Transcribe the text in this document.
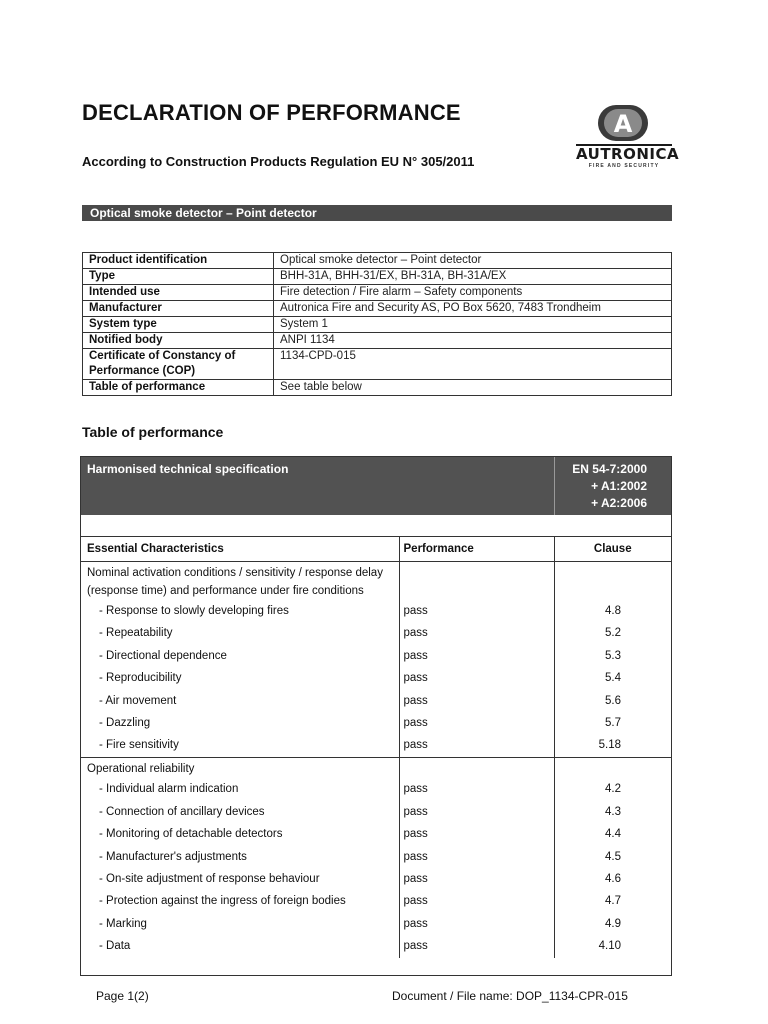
DECLARATION OF PERFORMANCE
According to Construction Products Regulation EU N° 305/2011
A
AUTRONICA
FIRE AND SECURITY
Optical smoke detector – Point detector
Product identification	Optical smoke detector – Point detector
Type	BHH-31A, BHH-31/EX, BH-31A, BH-31A/EX
Intended use	Fire detection / Fire alarm – Safety components
Manufacturer	Autronica Fire and Security AS, PO Box 5620, 7483 Trondheim
System type	System 1
Notified body	ANPI 1134
Certificate of Constancy of Performance (COP)	1134-CPD-015
Table of performance	See table below
Table of performance
Harmonised technical specification	EN 54-7:2000
+ A1:2002
+ A2:2006
Essential Characteristics	Performance	Clause
Nominal activation conditions / sensitivity / response delay (response time) and performance under fire conditions		
- Response to slowly developing fires	pass	4.8
- Repeatability	pass	5.2
- Directional dependence	pass	5.3
- Reproducibility	pass	5.4
- Air movement	pass	5.6
- Dazzling	pass	5.7
- Fire sensitivity	pass	5.18
Operational reliability		
- Individual alarm indication	pass	4.2
- Connection of ancillary devices	pass	4.3
- Monitoring of detachable detectors	pass	4.4
- Manufacturer's adjustments	pass	4.5
- On-site adjustment of response behaviour	pass	4.6
- Protection against the ingress of foreign bodies	pass	4.7
- Marking	pass	4.9
- Data	pass	4.10
Page 1(2)	Document / File name: DOP_1134-CPR-015
